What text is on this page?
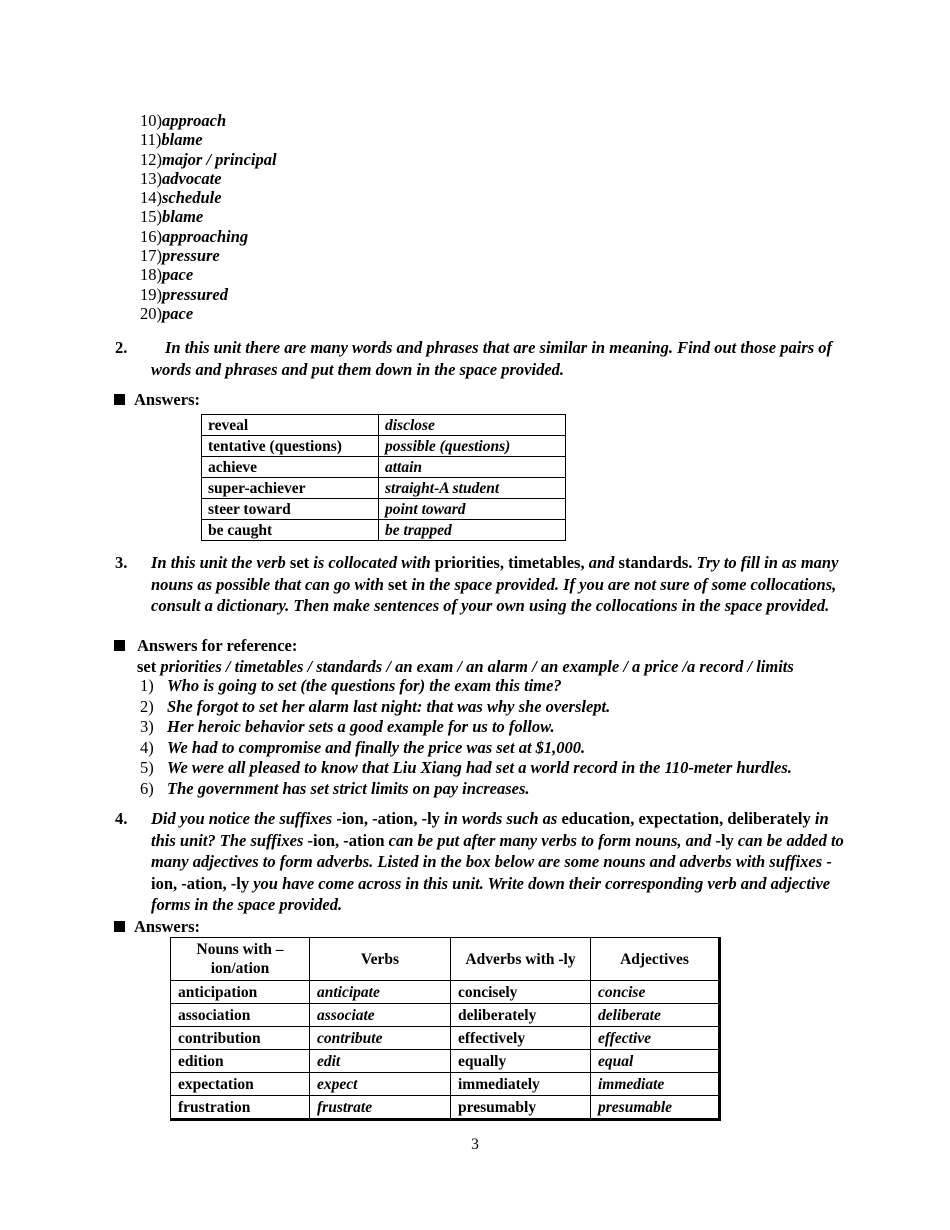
10)approach
11)blame
12)major / principal
13)advocate
14)schedule
15)blame
16)approaching
17)pressure
18)pace
19)pressured
20)pace
2.	In this unit there are many words and phrases that are similar in meaning. Find out those pairs of words and phrases and put them down in the space provided.
Answers:
reveal	disclose
tentative (questions)	possible (questions)
achieve	attain
super-achiever	straight-A student
steer toward	point toward
be caught	be trapped
3.	In this unit the verb set is collocated with priorities, timetables, and standards. Try to fill in as many nouns as possible that can go with set in the space provided. If you are not sure of some collocations, consult a dictionary. Then make sentences of your own using the collocations in the space provided.
Answers for reference:
set priorities / timetables / standards / an exam / an alarm / an example / a price /a record / limits
1) Who is going to set (the questions for) the exam this time?
2) She forgot to set her alarm last night: that was why she overslept.
3) Her heroic behavior sets a good example for us to follow.
4) We had to compromise and finally the price was set at $1,000.
5) We were all pleased to know that Liu Xiang had set a world record in the 110-meter hurdles.
6) The government has set strict limits on pay increases.
4.	Did you notice the suffixes -ion, -ation, -ly in words such as education, expectation, deliberately in this unit? The suffixes -ion, -ation can be put after many verbs to form nouns, and -ly can be added to many adjectives to form adverbs. Listed in the box below are some nouns and adverbs with suffixes -ion, -ation, -ly you have come across in this unit. Write down their corresponding verb and adjective forms in the space provided.
Answers:
Nouns with –ion/ation	Verbs	Adverbs with -ly	Adjectives
anticipation	anticipate	concisely	concise
association	associate	deliberately	deliberate
contribution	contribute	effectively	effective
edition	edit	equally	equal
expectation	expect	immediately	immediate
frustration	frustrate	presumably	presumable
3
